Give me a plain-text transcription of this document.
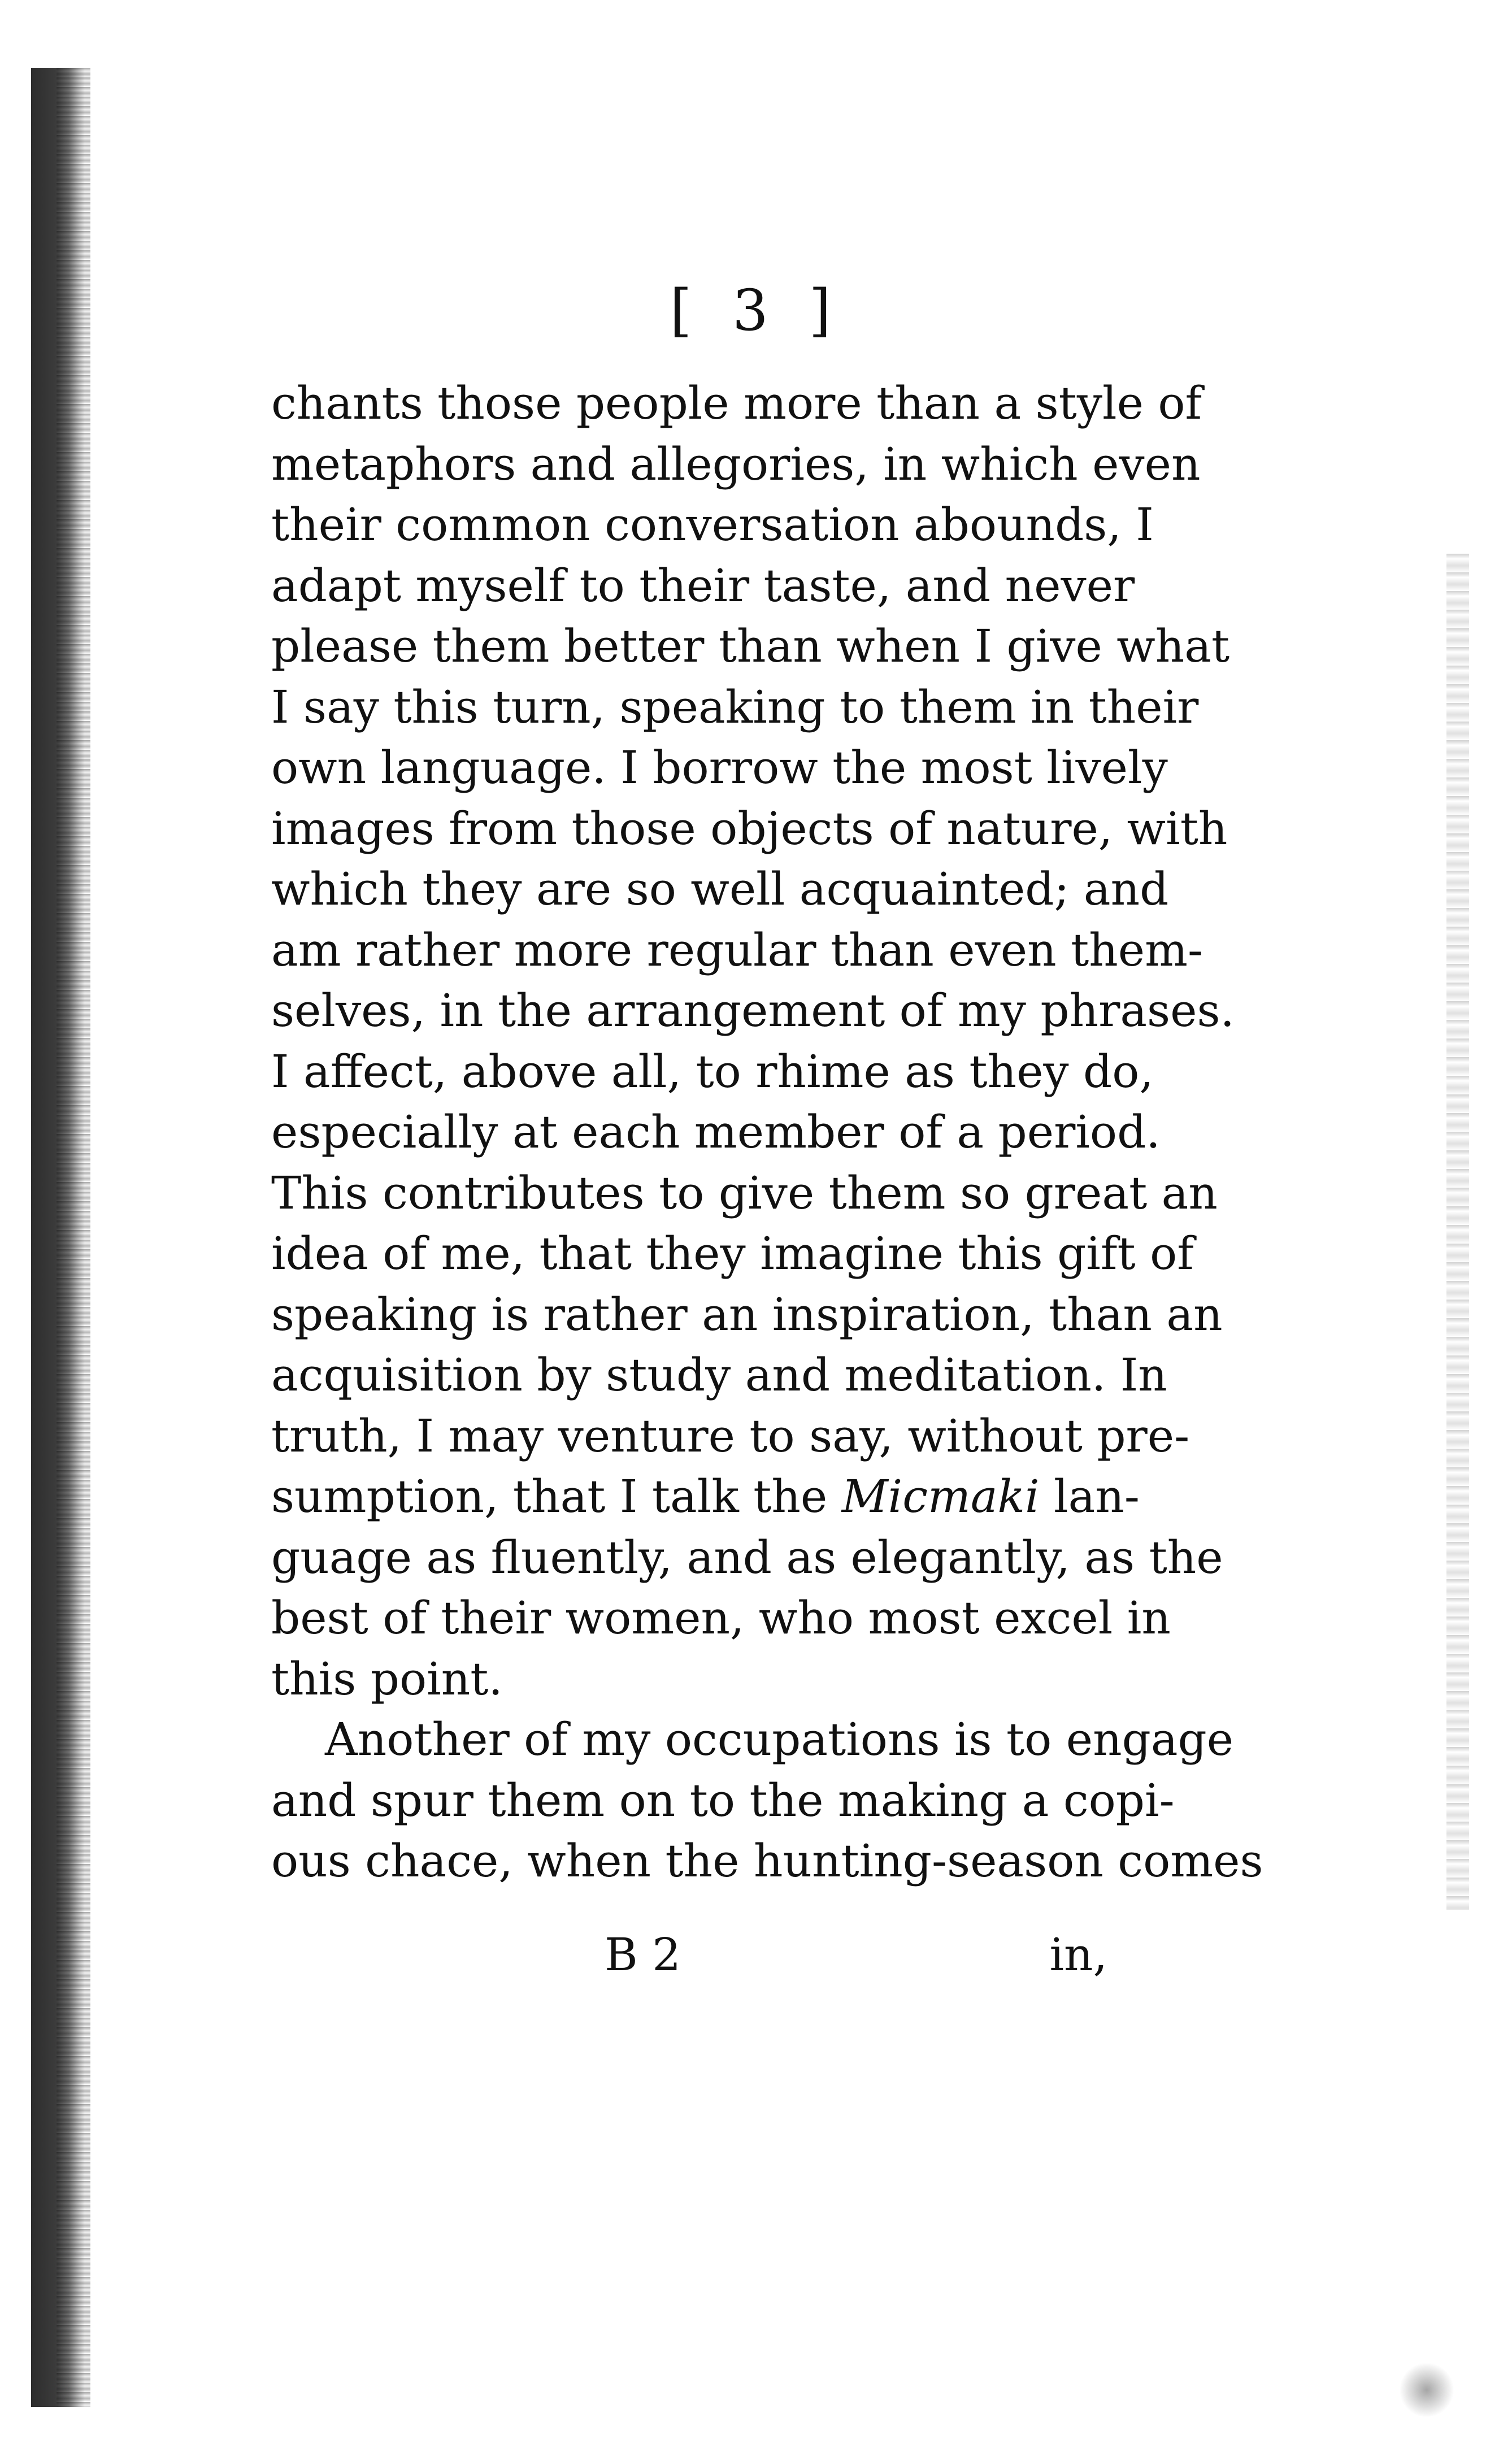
[ 3 ]
chants those people more than a style of
metaphors and allegories, in which even
their common conversation abounds, I
adapt myself to their taste, and never
please them better than when I give what
I say this turn, speaking to them in their
own language. I borrow the most lively
images from those objects of nature, with
which they are so well acquainted; and
am rather more regular than even them-
selves, in the arrangement of my phrases.
I affect, above all, to rhime as they do,
especially at each member of a period.
This contributes to give them so great an
idea of me, that they imagine this gift of
speaking is rather an inspiration, than an
acquisition by study and meditation. In
truth, I may venture to say, without pre-
sumption, that I talk the Micmaki lan-
guage as fluently, and as elegantly, as the
best of their women, who most excel in
this point.
Another of my occupations is to engage
and spur them on to the making a copi-
ous chace, when the hunting-season comes
B 2	in,
